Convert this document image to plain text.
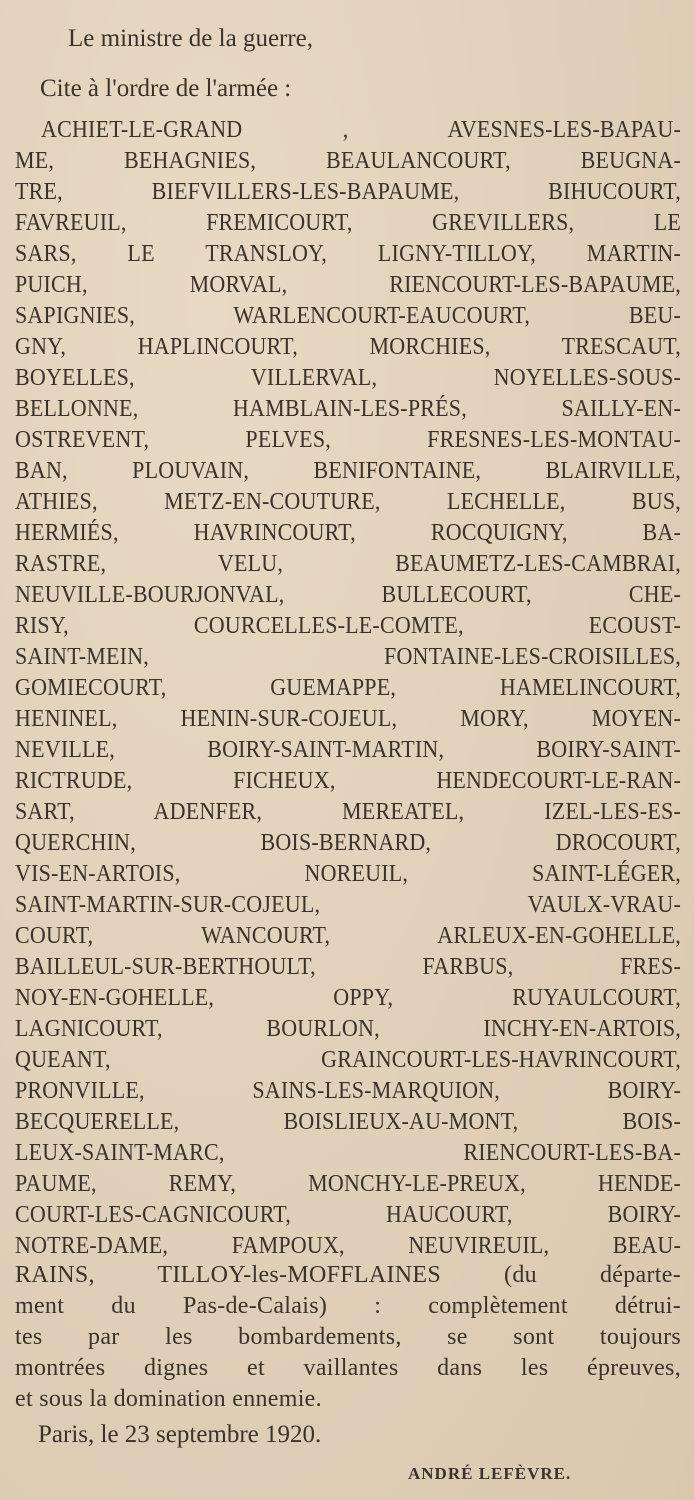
Le ministre de la guerre,
Cite à l'ordre de l'armée :
ACHIET-LE-GRAND , AVESNES-LES-BAPAU-
ME, BEHAGNIES, BEAULANCOURT, BEUGNA-
TRE, BIEFVILLERS-LES-BAPAUME, BIHUCOURT,
FAVREUIL, FREMICOURT, GREVILLERS, LE
SARS, LE TRANSLOY, LIGNY-TILLOY, MARTIN-
PUICH, MORVAL, RIENCOURT-LES-BAPAUME,
SAPIGNIES, WARLENCOURT-EAUCOURT, BEU-
GNY, HAPLINCOURT, MORCHIES, TRESCAUT,
BOYELLES, VILLERVAL, NOYELLES-SOUS-
BELLONNE, HAMBLAIN-LES-PRÉS, SAILLY-EN-
OSTREVENT, PELVES, FRESNES-LES-MONTAU-
BAN, PLOUVAIN, BENIFONTAINE, BLAIRVILLE,
ATHIES, METZ-EN-COUTURE, LECHELLE, BUS,
HERMIÉS, HAVRINCOURT, ROCQUIGNY, BA-
RASTRE, VELU, BEAUMETZ-LES-CAMBRAI,
NEUVILLE-BOURJONVAL, BULLECOURT, CHE-
RISY, COURCELLES-LE-COMTE, ECOUST-
SAINT-MEIN, FONTAINE-LES-CROISILLES,
GOMIECOURT, GUEMAPPE, HAMELINCOURT,
HENINEL, HENIN-SUR-COJEUL, MORY, MOYEN-
NEVILLE, BOIRY-SAINT-MARTIN, BOIRY-SAINT-
RICTRUDE, FICHEUX, HENDECOURT-LE-RAN-
SART, ADENFER, MEREATEL, IZEL-LES-ES-
QUERCHIN, BOIS-BERNARD, DROCOURT,
VIS-EN-ARTOIS, NOREUIL, SAINT-LÉGER,
SAINT-MARTIN-SUR-COJEUL, VAULX-VRAU-
COURT, WANCOURT, ARLEUX-EN-GOHELLE,
BAILLEUL-SUR-BERTHOULT, FARBUS, FRES-
NOY-EN-GOHELLE, OPPY, RUYAULCOURT,
LAGNICOURT, BOURLON, INCHY-EN-ARTOIS,
QUEANT, GRAINCOURT-LES-HAVRINCOURT,
PRONVILLE, SAINS-LES-MARQUION, BOIRY-
BECQUERELLE, BOISLIEUX-AU-MONT, BOIS-
LEUX-SAINT-MARC, RIENCOURT-LES-BA-
PAUME, REMY, MONCHY-LE-PREUX, HENDE-
COURT-LES-CAGNICOURT, HAUCOURT, BOIRY-
NOTRE-DAME, FAMPOUX, NEUVIREUIL, BEAU-
RAINS, TILLOY-les-MOFFLAINES (du départe-
ment du Pas-de-Calais) : complètement détrui-
tes par les bombardements, se sont toujours
montrées dignes et vaillantes dans les épreuves,
et sous la domination ennemie.
Paris, le 23 septembre 1920.
ANDRÉ LEFÈVRE.
